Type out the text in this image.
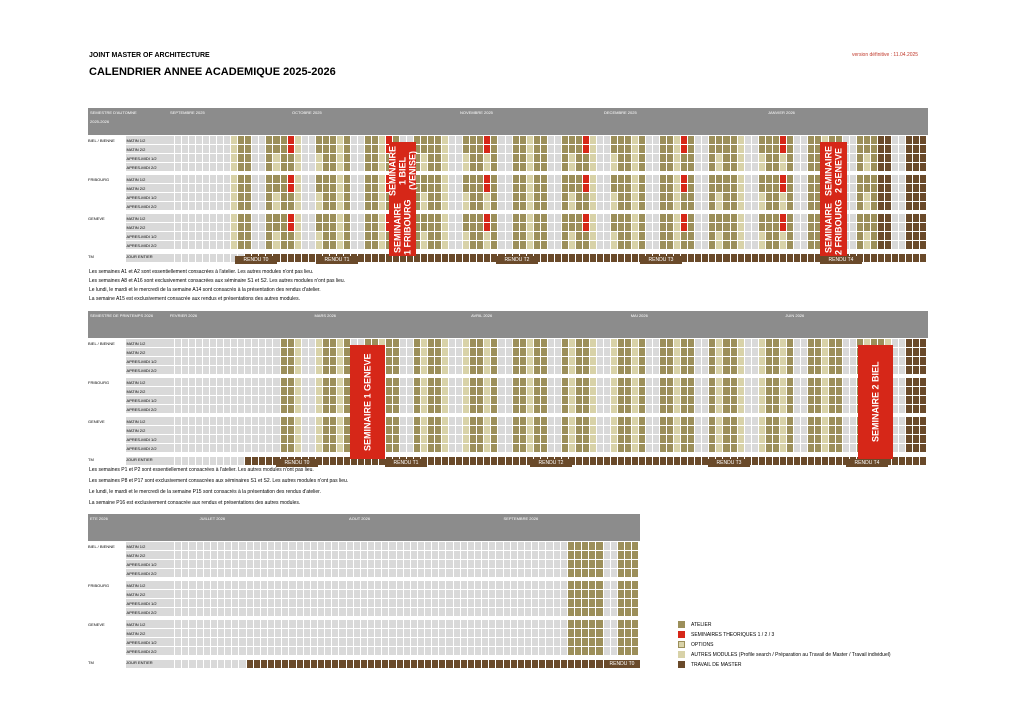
JOINT MASTER OF ARCHITECTURE
CALENDRIER ANNEE ACADEMIQUE 2025-2026
version définitive : 11.04.2025
SEMESTRE D'AUTOMNE	SEPTEMBRE 2025	OCTOBRE 2025	NOVEMBRE 2025	DECEMBRE 2025	JANVIER 2026
2025-2026
BIEL / BIENNE	MATIN 1/2
MATIN 2/2
APRES-MIDI 1/2
APRES-MIDI 2/2
FRIBOURG	MATIN 1/2
MATIN 2/2
APRES-MIDI 1/2
APRES-MIDI 2/2
GENEVE	MATIN 1/2
MATIN 2/2
APRES-MIDI 1/2
APRES-MIDI 2/2
TM	JOUR ENTIER
SEMINAIRE 1 BIEL (VENISE)
SEMINAIRE 1 FRIBOURG
SEMINAIRE 2 GENEVE
SEMINAIRE 2 FRIBOURG
RENDU T0	RENDU T1	RENDU T2	RENDU T3	RENDU T4
Les semaines A1 et A2 sont essentiellement consacrées à l'atelier. Les autres modules n'ont pas lieu.
Les semaines A8 et A16 sont exclusivement consacrées aux séminaire S1 et S2. Les autres modules n'ont pas lieu.
Le lundi, le mardi et le mercredi de la semaine A14 sont consacrés à la présentation des rendus d'atelier.
La semaine A15 est exclusivement consacrée aux rendus et présentations des autres modules.
SEMESTRE DE PRINTEMPS 2026	FEVRIER 2026	MARS 2026	AVRIL 2026	MAI 2026	JUIN 2026
BIEL / BIENNE	MATIN 1/2
MATIN 2/2
APRES-MIDI 1/2
APRES-MIDI 2/2
FRIBOURG	MATIN 1/2
MATIN 2/2
APRES-MIDI 1/2
APRES-MIDI 2/2
GENEVE	MATIN 1/2
MATIN 2/2
APRES-MIDI 1/2
APRES-MIDI 2/2
TM	JOUR ENTIER
SEMINAIRE 1 GENEVE	SEMINAIRE 2 BIEL
RENDU T0	RENDU T1	RENDU T2	RENDU T3	RENDU T4
Les semaines P1 et P2 sont essentiellement consacrées à l'atelier. Les autres modules n'ont pas lieu.
Les semaines P8 et P17 sont exclusivement consacrées aux séminaires S1 et S2. Les autres modules n'ont pas lieu.
Le lundi, le mardi et le mercredi de la semaine P15 sont consacrés à la présentation des rendus d'atelier.
La semaine P16 est exclusivement consacrée aux rendus et présentations des autres modules.
ETE 2026	JUILLET 2026	AOUT 2026	SEPTEMBRE 2026
BIEL / BIENNE	MATIN 1/2
MATIN 2/2
APRES-MIDI 1/2
APRES-MIDI 2/2
FRIBOURG	MATIN 1/2
MATIN 2/2
APRES-MIDI 1/2
APRES-MIDI 2/2
GENEVE	MATIN 1/2
MATIN 2/2
APRES-MIDI 1/2
APRES-MIDI 2/2
TM	JOUR ENTIER	RENDU T0
ATELIER
SEMINAIRES THEORIQUES 1 / 2 / 3
OPTIONS
AUTRES MODULES (Profile search / Préparation au Travail de Master / Travail individuel)
TRAVAIL DE MASTER
